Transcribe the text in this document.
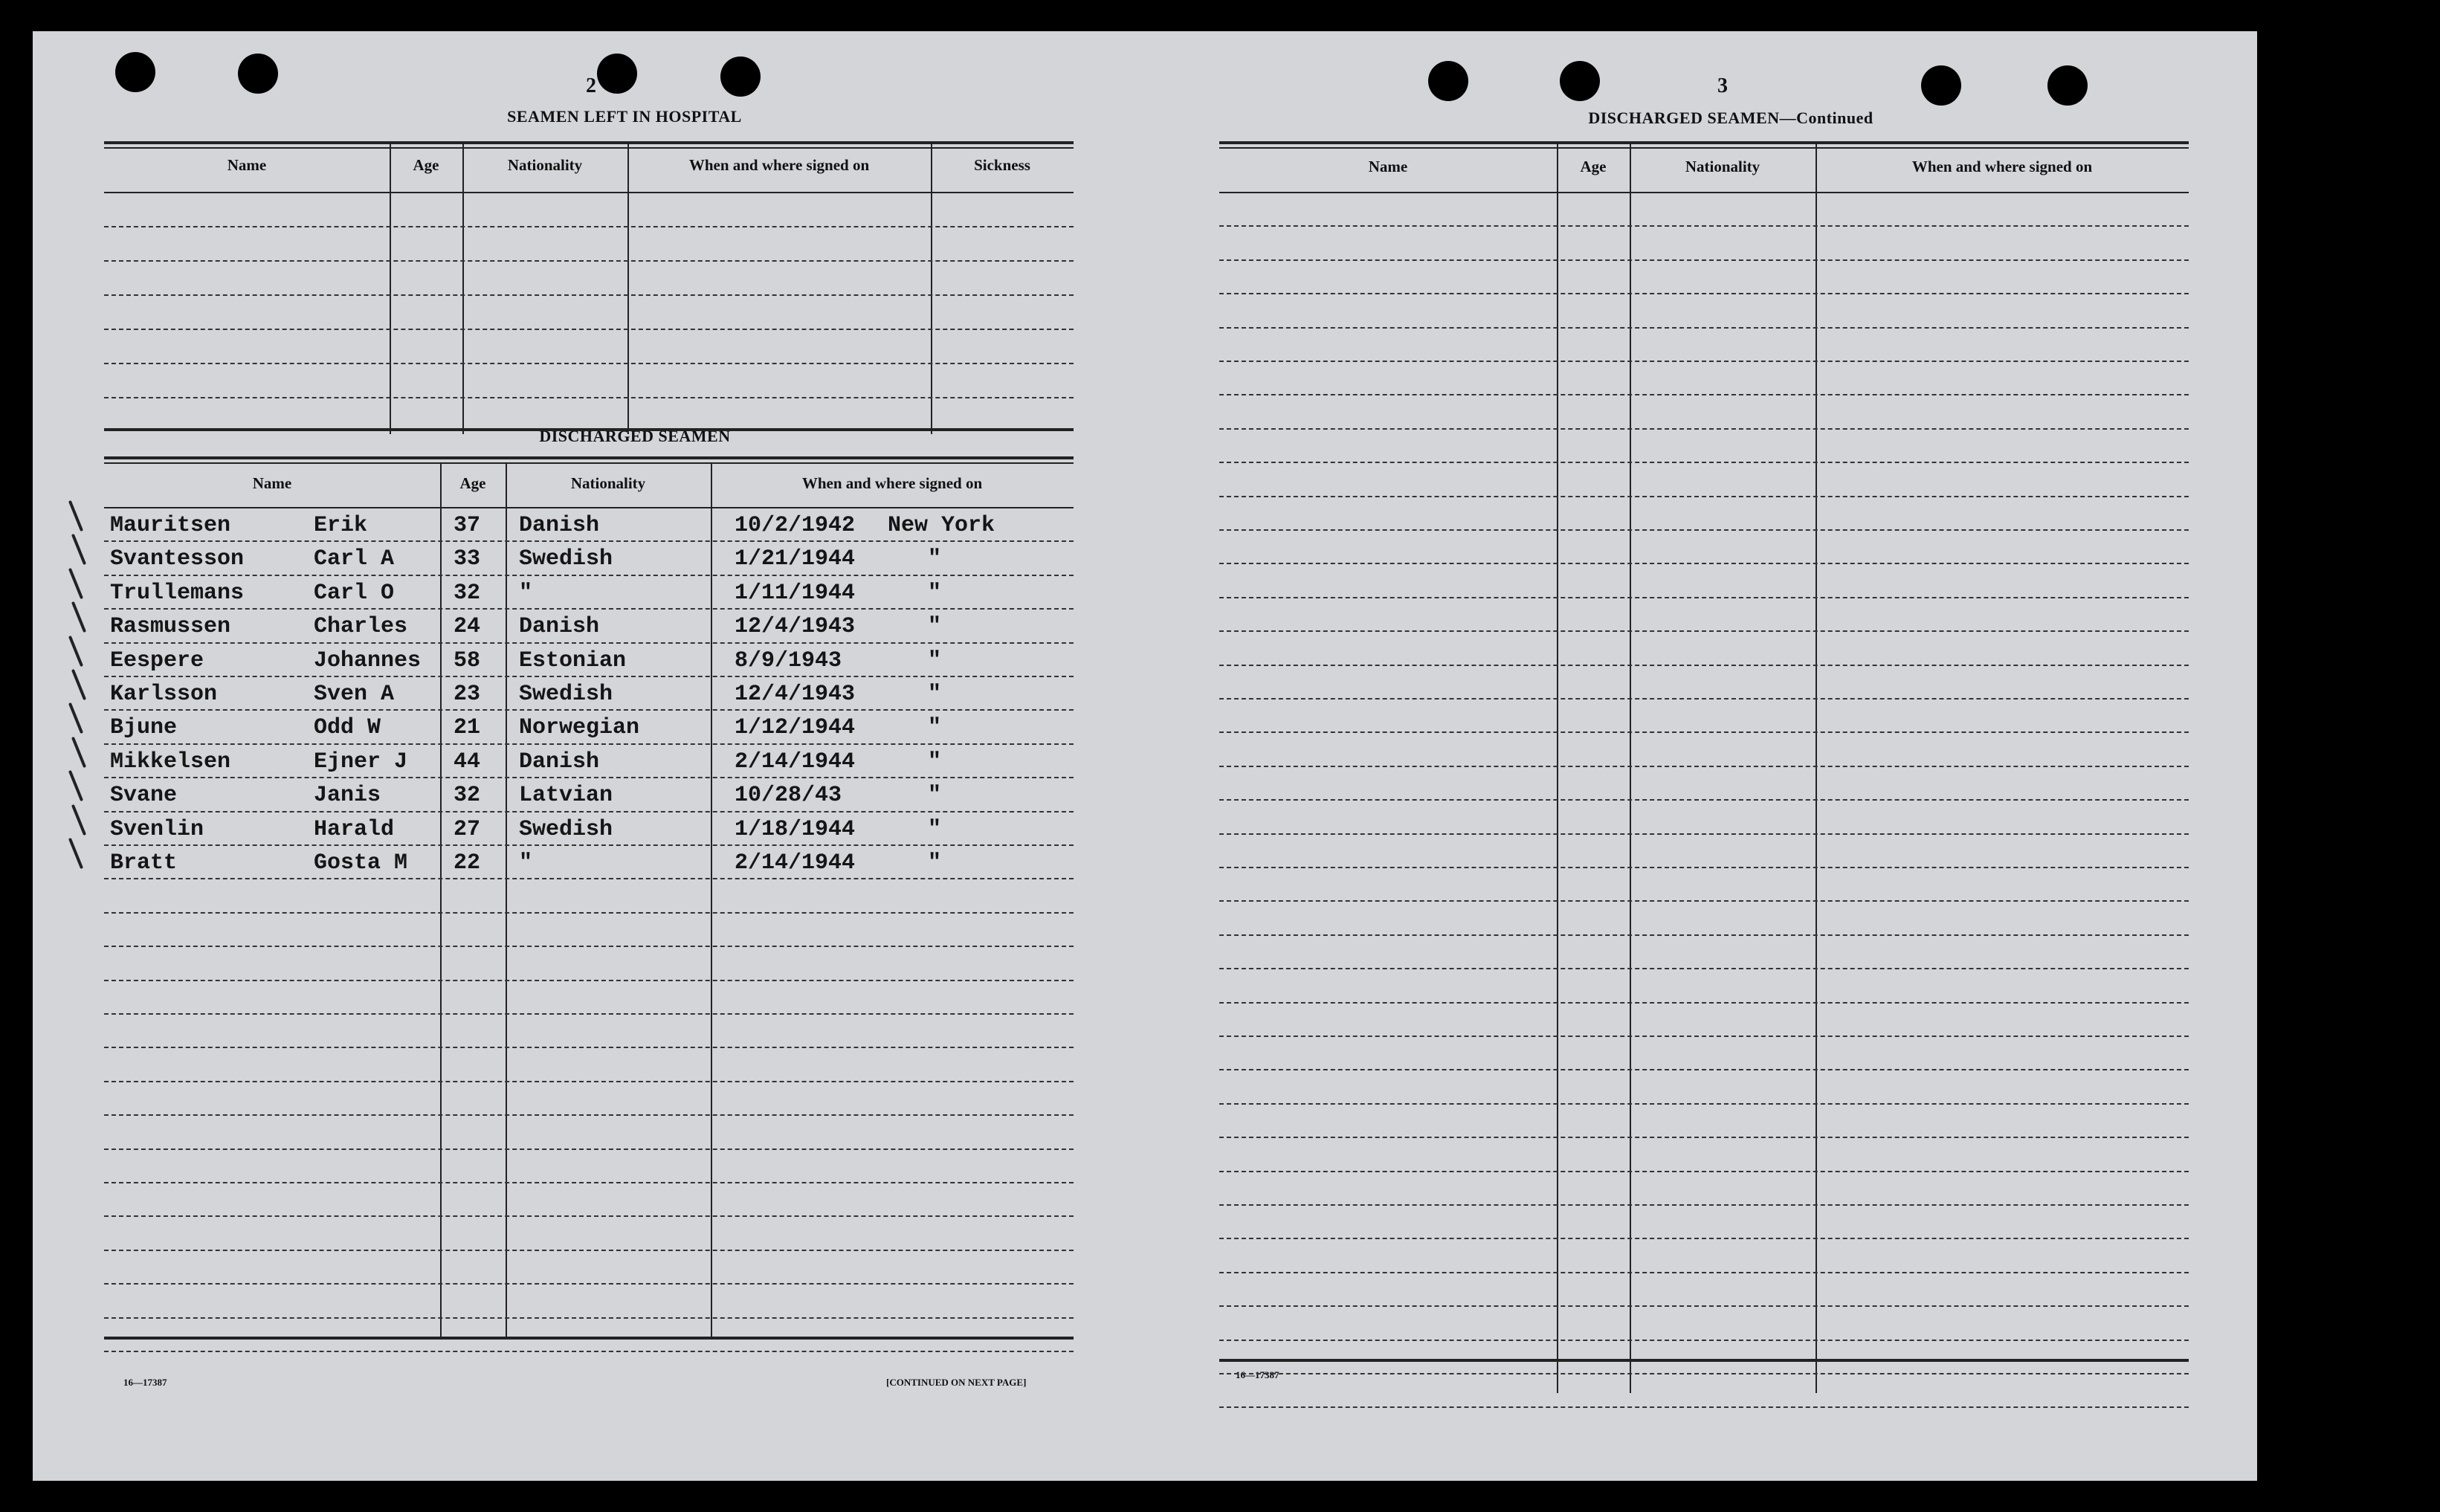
2
SEAMEN LEFT IN HOSPITAL
DISCHARGED SEAMEN
16—17387	[CONTINUED ON NEXT PAGE]
3
DISCHARGED SEAMEN—Continued
16—17387
Name	Age	Nationality	When and where signed on	Sickness
Name	Age	Nationality	When and where signed on
Mauritsen	Erik	37 Danish	10/2/1942 New York
Svantesson	Carl A	33 Swedish	1/21/1944	"
Trullemans	Carl O	32 "	1/11/1944	"
Rasmussen	Charles 24 Danish	12/4/1943	"
Eespere	Johannes 58 Estonian	8/9/1943	"
Karlsson	Sven A	23 Swedish	12/4/1943	"
Bjune	Odd W	21 Norwegian	1/12/1944	"
Mikkelsen	Ejner J 44 Danish	2/14/1944	"
Svane	Janis	32 Latvian	10/28/43	"
Svenlin	Harald	27 Swedish	1/18/1944	"
Bratt	Gosta M 22 "	2/14/1944	"
Name	Age	Nationality	When and where signed on
